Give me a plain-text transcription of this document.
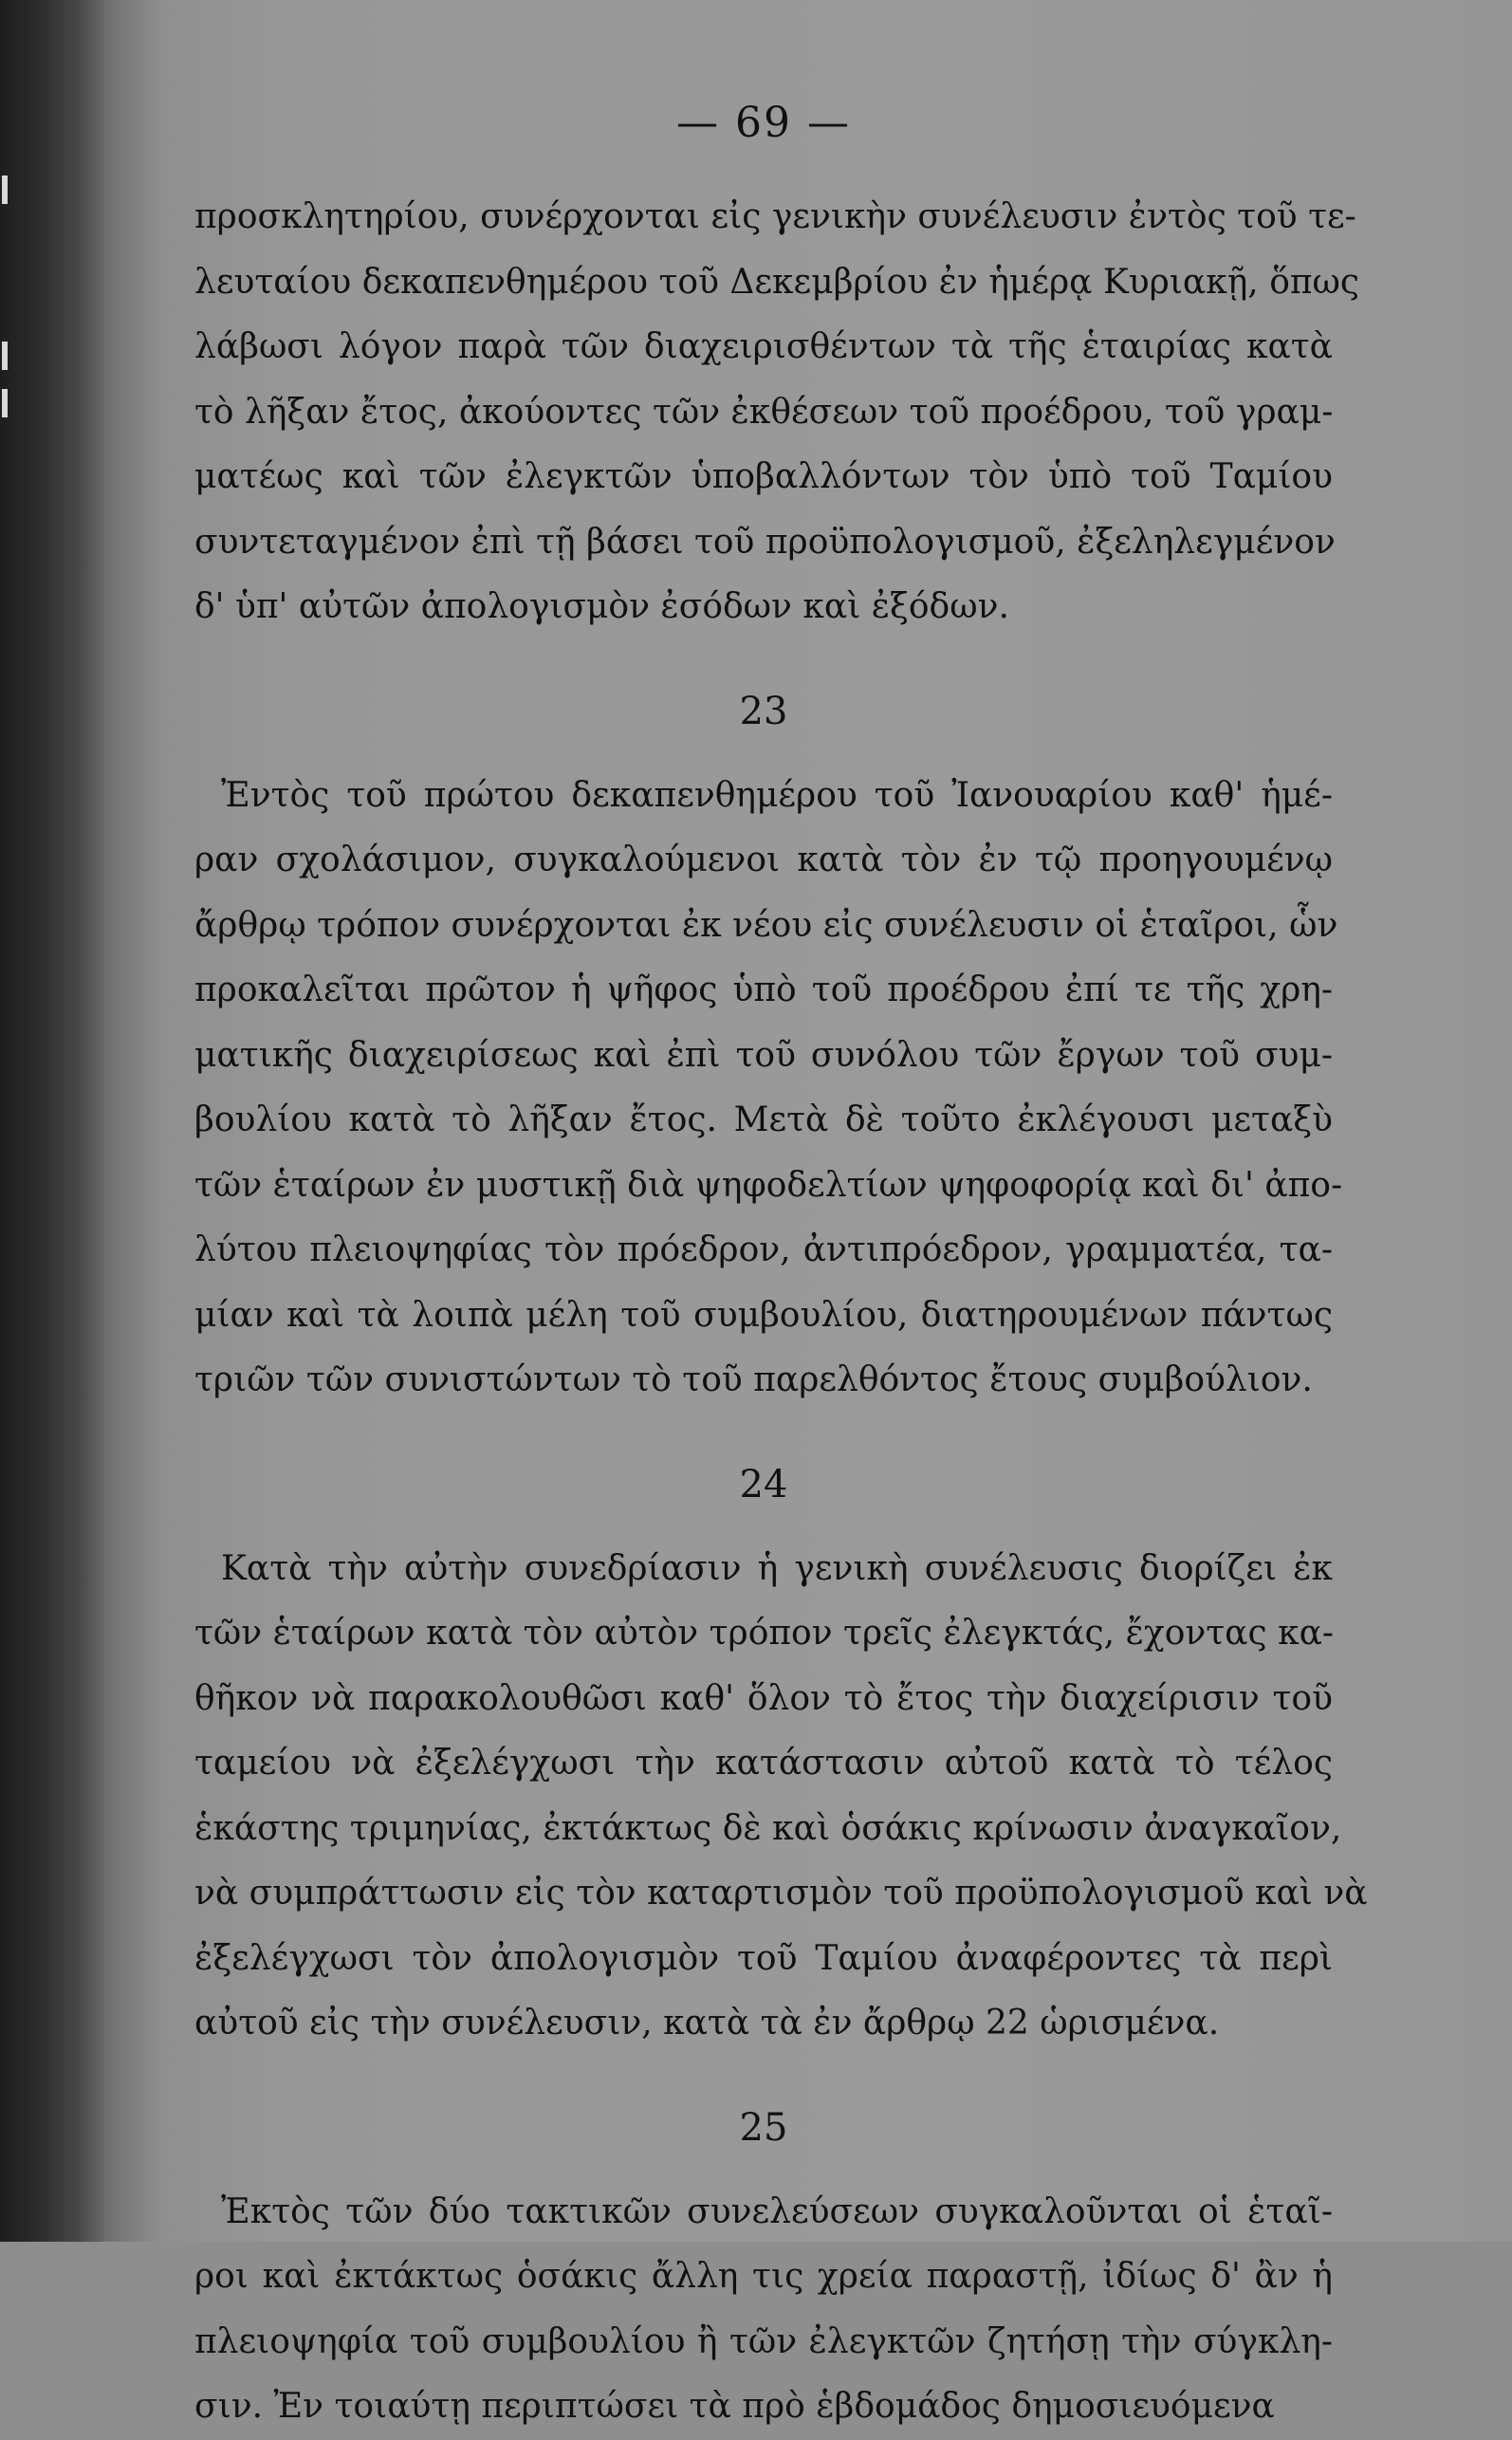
— 69 —
προσκλητηρίου, συνέρχονται εἰς γενικὴν συνέλευσιν ἐντὸς τοῦ τε-
λευταίου δεκαπενθημέρου τοῦ Δεκεμβρίου ἐν ἡμέρᾳ Κυριακῇ, ὅπως
λάβωσι λόγον παρὰ τῶν διαχειρισθέντων τὰ τῆς ἑταιρίας κατὰ
τὸ λῆξαν ἔτος, ἀκούοντες τῶν ἐκθέσεων τοῦ προέδρου, τοῦ γραμ-
ματέως καὶ τῶν ἐλεγκτῶν ὑποβαλλόντων τὸν ὑπὸ τοῦ Ταμίου
συντεταγμένον ἐπὶ τῇ βάσει τοῦ προϋπολογισμοῦ, ἐξεληλεγμένον
δ' ὑπ' αὐτῶν ἀπολογισμὸν ἐσόδων καὶ ἐξόδων.
23
Ἐντὸς τοῦ πρώτου δεκαπενθημέρου τοῦ Ἰανουαρίου καθ' ἡμέ-
ραν σχολάσιμον, συγκαλούμενοι κατὰ τὸν ἐν τῷ προηγουμένῳ
ἄρθρῳ τρόπον συνέρχονται ἐκ νέου εἰς συνέλευσιν οἱ ἑταῖροι, ὧν
προκαλεῖται πρῶτον ἡ ψῆφος ὑπὸ τοῦ προέδρου ἐπί τε τῆς χρη-
ματικῆς διαχειρίσεως καὶ ἐπὶ τοῦ συνόλου τῶν ἔργων τοῦ συμ-
βουλίου κατὰ τὸ λῆξαν ἔτος. Μετὰ δὲ τοῦτο ἐκλέγουσι μεταξὺ
τῶν ἑταίρων ἐν μυστικῇ διὰ ψηφοδελτίων ψηφοφορίᾳ καὶ δι' ἀπο-
λύτου πλειοψηφίας τὸν πρόεδρον, ἀντιπρόεδρον, γραμματέα, τα-
μίαν καὶ τὰ λοιπὰ μέλη τοῦ συμβουλίου, διατηρουμένων πάντως
τριῶν τῶν συνιστώντων τὸ τοῦ παρελθόντος ἔτους συμβούλιον.
24
Κατὰ τὴν αὐτὴν συνεδρίασιν ἡ γενικὴ συνέλευσις διορίζει ἐκ
τῶν ἑταίρων κατὰ τὸν αὐτὸν τρόπον τρεῖς ἐλεγκτάς, ἔχοντας κα-
θῆκον νὰ παρακολουθῶσι καθ' ὅλον τὸ ἔτος τὴν διαχείρισιν τοῦ
ταμείου νὰ ἐξελέγχωσι τὴν κατάστασιν αὐτοῦ κατὰ τὸ τέλος
ἑκάστης τριμηνίας, ἐκτάκτως δὲ καὶ ὁσάκις κρίνωσιν ἀναγκαῖον,
νὰ συμπράττωσιν εἰς τὸν καταρτισμὸν τοῦ προϋπολογισμοῦ καὶ νὰ
ἐξελέγχωσι τὸν ἀπολογισμὸν τοῦ Ταμίου ἀναφέροντες τὰ περὶ
αὐτοῦ εἰς τὴν συνέλευσιν, κατὰ τὰ ἐν ἄρθρῳ 22 ὡρισμένα.
25
Ἐκτὸς τῶν δύο τακτικῶν συνελεύσεων συγκαλοῦνται οἱ ἑταῖ-
ροι καὶ ἐκτάκτως ὁσάκις ἄλλη τις χρεία παραστῇ, ἰδίως δ' ἂν ἡ
πλειοψηφία τοῦ συμβουλίου ἢ τῶν ἐλεγκτῶν ζητήσῃ τὴν σύγκλη-
σιν. Ἐν τοιαύτῃ περιπτώσει τὰ πρὸ ἑβδομάδος δημοσιευόμενα
